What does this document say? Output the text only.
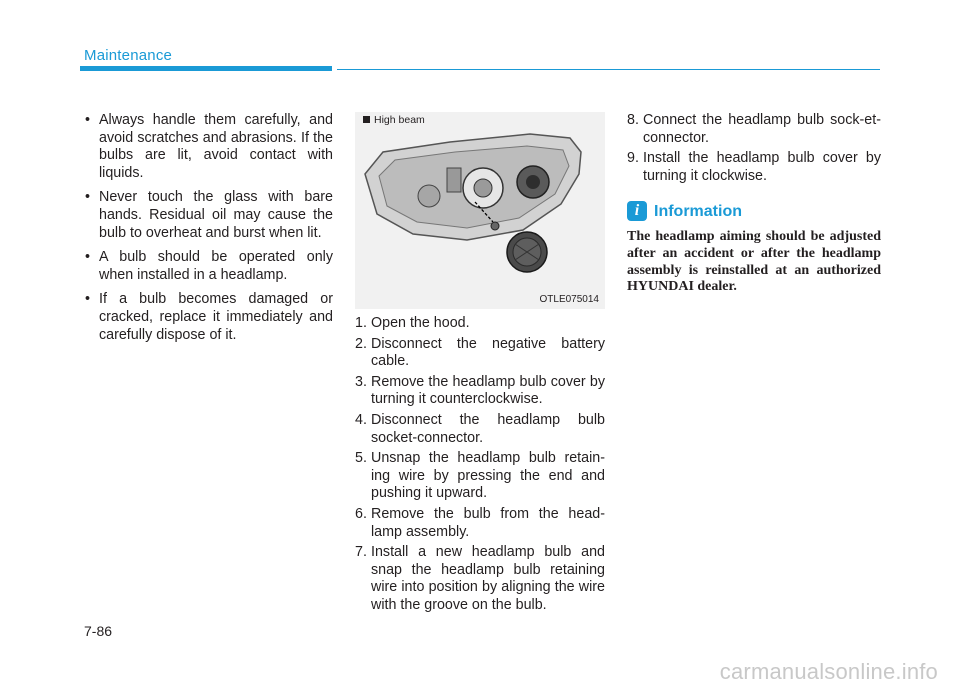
Maintenance
• Always handle them carefully, and avoid scratches and abrasions. If the bulbs are lit, avoid contact with liquids.
• Never touch the glass with bare hands. Residual oil may cause the bulb to overheat and burst when lit.
• A bulb should be operated only when installed in a headlamp.
• If a bulb becomes damaged or cracked, replace it immediately and carefully dispose of it.
High beam
OTLE075014
1. Open the hood.
2. Disconnect the negative battery cable.
3. Remove the headlamp bulb cover by turning it counterclockwise.
4. Disconnect the headlamp bulb socket-connector.
5. Unsnap the headlamp bulb retain-ing wire by pressing the end and pushing it upward.
6. Remove the bulb from the head-lamp assembly.
7. Install a new headlamp bulb and snap the headlamp bulb retaining wire into position by aligning the wire with the groove on the bulb.
8. Connect the headlamp bulb sock-et-connector.
9. Install the headlamp bulb cover by turning it clockwise.
i Information
The headlamp aiming should be adjusted after an accident or after the headlamp assembly is reinstalled at an authorized HYUNDAI dealer.
7-86
carmanualsonline.info
